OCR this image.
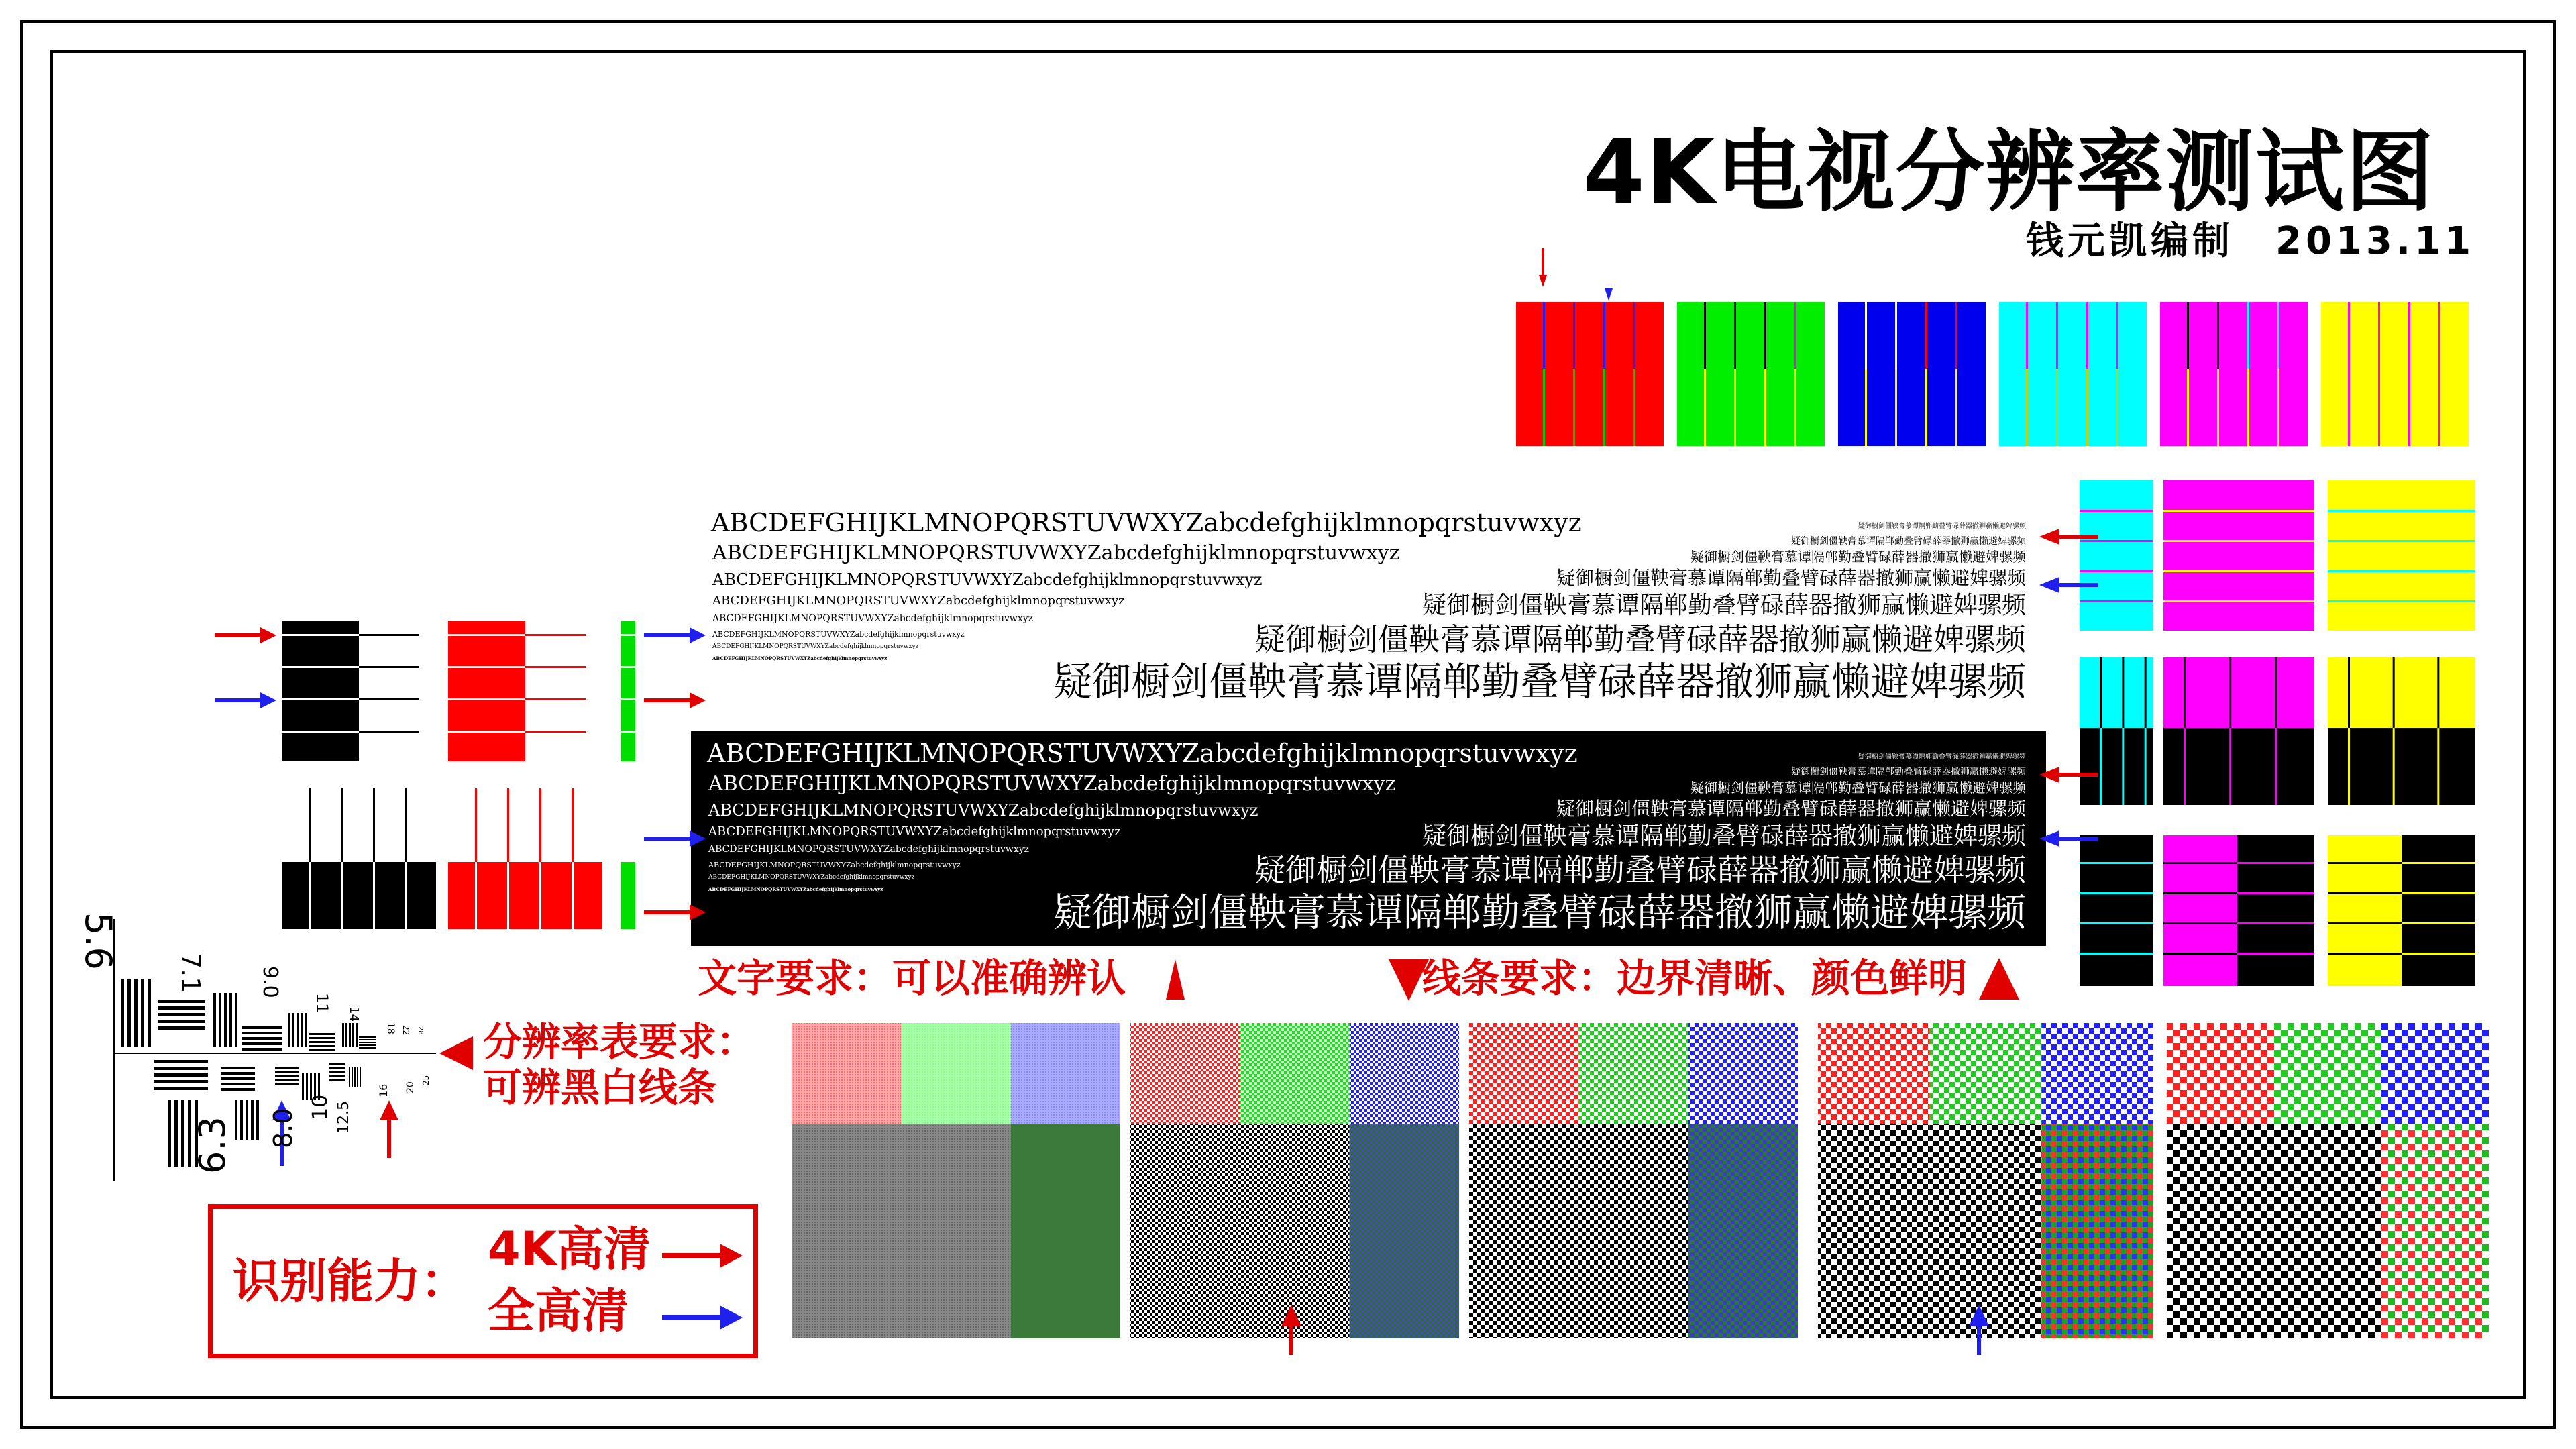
4K电视分辨率测试图
钱元凯编制　2013.11
ABCDEFGHIJKLMNOPQRSTUVWXYZabcdefghijklmnopqrstuvwxyz
ABCDEFGHIJKLMNOPQRSTUVWXYZabcdefghijklmnopqrstuvwxyz
ABCDEFGHIJKLMNOPQRSTUVWXYZabcdefghijklmnopqrstuvwxyz
ABCDEFGHIJKLMNOPQRSTUVWXYZabcdefghijklmnopqrstuvwxyz
ABCDEFGHIJKLMNOPQRSTUVWXYZabcdefghijklmnopqrstuvwxyz
ABCDEFGHIJKLMNOPQRSTUVWXYZabcdefghijklmnopqrstuvwxyz
ABCDEFGHIJKLMNOPQRSTUVWXYZabcdefghijklmnopqrstuvwxyz
ABCDEFGHIJKLMNOPQRSTUVWXYZabcdefghijklmnopqrstuvwxyz
疑御橱剑僵鞅膏慕谭隔郸勤叠臂碌薛器撤狮赢懒避婢骡频
疑御橱剑僵鞅膏慕谭隔郸勤叠臂碌薛器撤狮赢懒避婢骡频
疑御橱剑僵鞅膏慕谭隔郸勤叠臂碌薛器撤狮赢懒避婢骡频
疑御橱剑僵鞅膏慕谭隔郸勤叠臂碌薛器撤狮赢懒避婢骡频
疑御橱剑僵鞅膏慕谭隔郸勤叠臂碌薛器撤狮赢懒避婢骡频
疑御橱剑僵鞅膏慕谭隔郸勤叠臂碌薛器撤狮赢懒避婢骡频
疑御橱剑僵鞅膏慕谭隔郸勤叠臂碌薛器撤狮赢懒避婢骡频
ABCDEFGHIJKLMNOPQRSTUVWXYZabcdefghijklmnopqrstuvwxyz
ABCDEFGHIJKLMNOPQRSTUVWXYZabcdefghijklmnopqrstuvwxyz
ABCDEFGHIJKLMNOPQRSTUVWXYZabcdefghijklmnopqrstuvwxyz
ABCDEFGHIJKLMNOPQRSTUVWXYZabcdefghijklmnopqrstuvwxyz
ABCDEFGHIJKLMNOPQRSTUVWXYZabcdefghijklmnopqrstuvwxyz
ABCDEFGHIJKLMNOPQRSTUVWXYZabcdefghijklmnopqrstuvwxyz
ABCDEFGHIJKLMNOPQRSTUVWXYZabcdefghijklmnopqrstuvwxyz
ABCDEFGHIJKLMNOPQRSTUVWXYZabcdefghijklmnopqrstuvwxyz
疑御橱剑僵鞅膏慕谭隔郸勤叠臂碌薛器撤狮赢懒避婢骡频
疑御橱剑僵鞅膏慕谭隔郸勤叠臂碌薛器撤狮赢懒避婢骡频
疑御橱剑僵鞅膏慕谭隔郸勤叠臂碌薛器撤狮赢懒避婢骡频
疑御橱剑僵鞅膏慕谭隔郸勤叠臂碌薛器撤狮赢懒避婢骡频
疑御橱剑僵鞅膏慕谭隔郸勤叠臂碌薛器撤狮赢懒避婢骡频
疑御橱剑僵鞅膏慕谭隔郸勤叠臂碌薛器撤狮赢懒避婢骡频
疑御橱剑僵鞅膏慕谭隔郸勤叠臂碌薛器撤狮赢懒避婢骡频
文字要求：可以准确辨认	线条要求：边界清晰、颜色鲜明
5.6
7.1	9.0
11
14
18 22 28
6.3 8.0
10 12.5
16 20
25
分辨率表要求：
可辨黑白线条
识别能力：
4K高清
全高清
